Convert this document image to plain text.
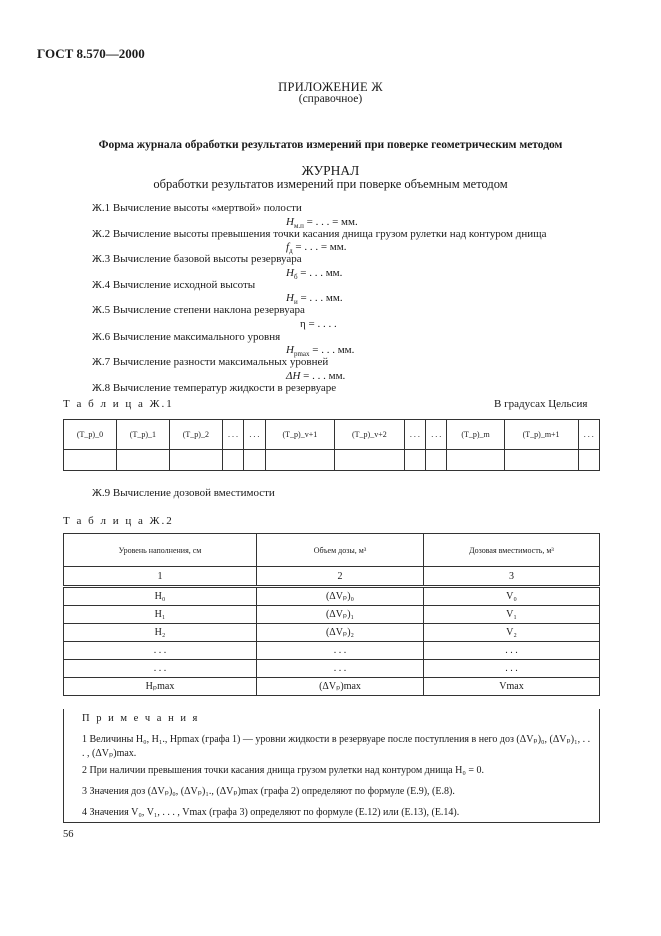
ГОСТ 8.570—2000
ПРИЛОЖЕНИЕ Ж
(справочное)
Форма журнала обработки результатов измерений при поверке геометрическим методом
ЖУРНАЛ
обработки результатов измерений при поверке объемным методом
Ж.1 Вычисление высоты «мертвой» полости
$H_{м.п}$ = . . . = мм.
Ж.2 Вычисление высоты превышения точки касания днища грузом рулетки над контуром днища
$f_д$ = . . . = мм.
Ж.3 Вычисление базовой высоты резервуара
$H_б$ = . . . мм.
Ж.4 Вычисление исходной высоты
$H_и$ = . . . мм.
Ж.5 Вычисление степени наклона резервуара
η = . . . .
Ж.6 Вычисление максимального уровня
$H_{pmax}$ = . . . мм.
Ж.7 Вычисление разности максимальных уровней
ΔH = . . . мм.
Ж.8 Вычисление температур жидкости в резервуаре
Т а б л и ц а Ж.1	В градусах Цельсия
(T_p)_0	(T_p)_1	(T_p)_2	. . .	. . .	(T_p)_v+1	(T_p)_v+2	. . .	. . .	(T_p)_m	(T_p)_m+1	. . .

Ж.9 Вычисление дозовой вместимости
Т а б л и ц а Ж.2
Уровень наполнения, см	Объем дозы, м³	Дозовая вместимость, м³
1	2	3
H₀	(ΔVₚ)₀	V₀
H₁	(ΔVₚ)₁	V₁
H₂	(ΔVₚ)₂	V₂
. . .	. . .	. . .
. . .	. . .	. . .
Hₚmax	(ΔVₚ)max	Vmax
П р и м е ч а н и я
1 Величины H₀, H₁., Hpmax (графа 1) — уровни жидкости в резервуаре после поступления в него доз (ΔVₚ)₀, (ΔVₚ)₁, . . . , (ΔVₚ)max.
2 При наличии превышения точки касания днища грузом рулетки над контуром днища H₀ = 0.
3 Значения доз (ΔVₚ)₀, (ΔVₚ)₁., (ΔVₚ)max (графа 2) определяют по формуле (Е.9), (Е.8).
4 Значения V₀, V₁, . . . , Vmax (графа 3) определяют по формуле (Е.12) или (Е.13), (Е.14).
56
